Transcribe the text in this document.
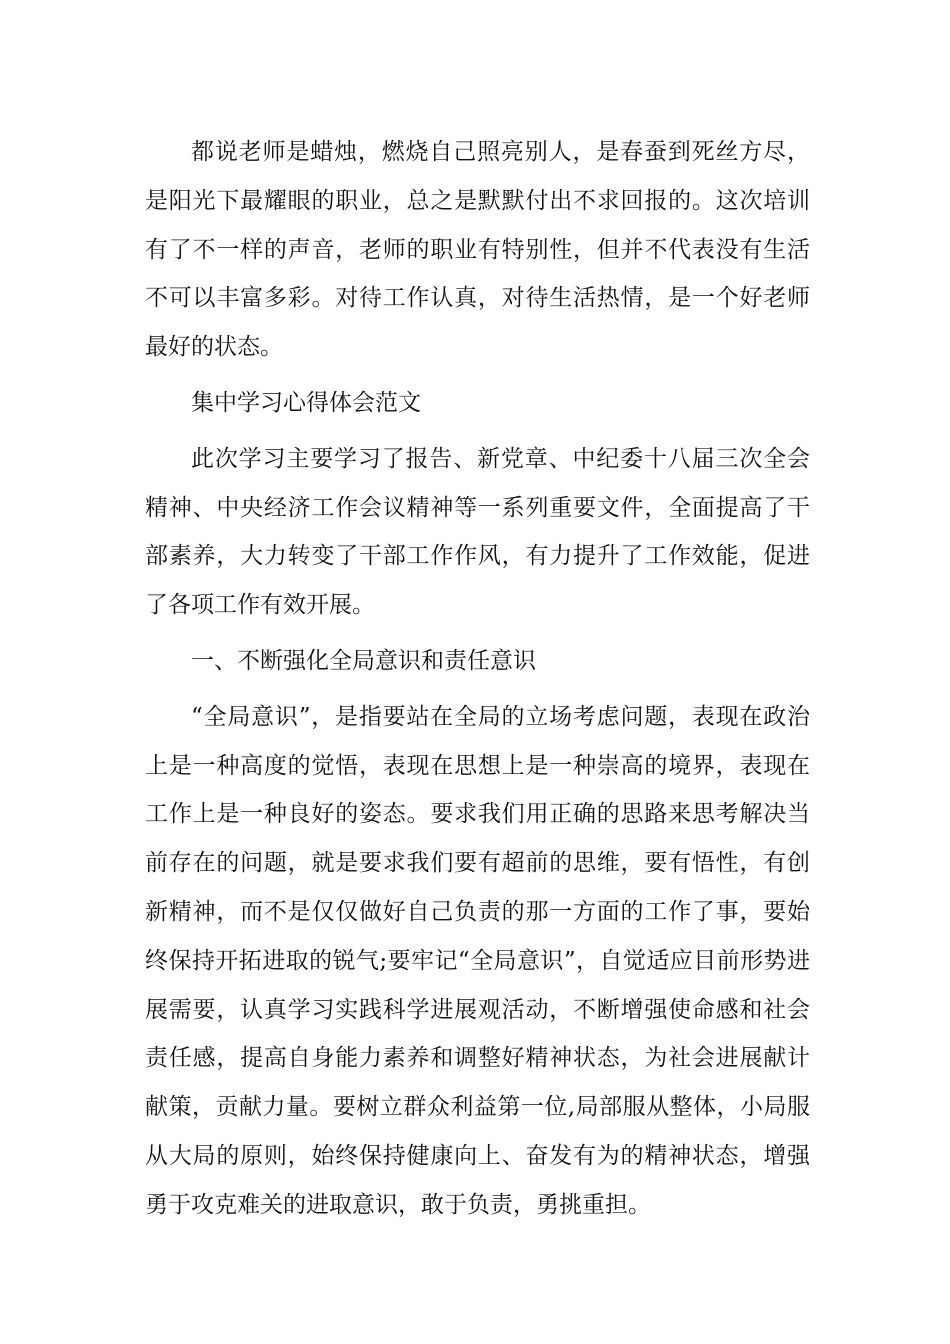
都说老师是蜡烛，燃烧自己照亮别人，是春蚕到死丝方尽，是阳光下最耀眼的职业，总之是默默付出不求回报的。这次培训有了不一样的声音，老师的职业有特别性，但并不代表没有生活不可以丰富多彩。对待工作认真，对待生活热情，是一个好老师最好的状态。

集中学习心得体会范文

此次学习主要学习了报告、新党章、中纪委十八届三次全会精神、中央经济工作会议精神等一系列重要文件，全面提高了干部素养，大力转变了干部工作作风，有力提升了工作效能，促进了各项工作有效开展。

一、不断强化全局意识和责任意识

“全局意识”，是指要站在全局的立场考虑问题，表现在政治上是一种高度的觉悟，表现在思想上是一种崇高的境界，表现在工作上是一种良好的姿态。要求我们用正确的思路来思考解决当前存在的问题，就是要求我们要有超前的思维，要有悟性，有创新精神，而不是仅仅做好自己负责的那一方面的工作了事，要始终保持开拓进取的锐气;要牢记“全局意识”，自觉适应目前形势进展需要，认真学习实践科学进展观活动，不断增强使命感和社会责任感，提高自身能力素养和调整好精神状态，为社会进展献计献策，贡献力量。要树立群众利益第一位,局部服从整体，小局服从大局的原则，始终保持健康向上、奋发有为的精神状态，增强勇于攻克难关的进取意识，敢于负责，勇挑重担。
